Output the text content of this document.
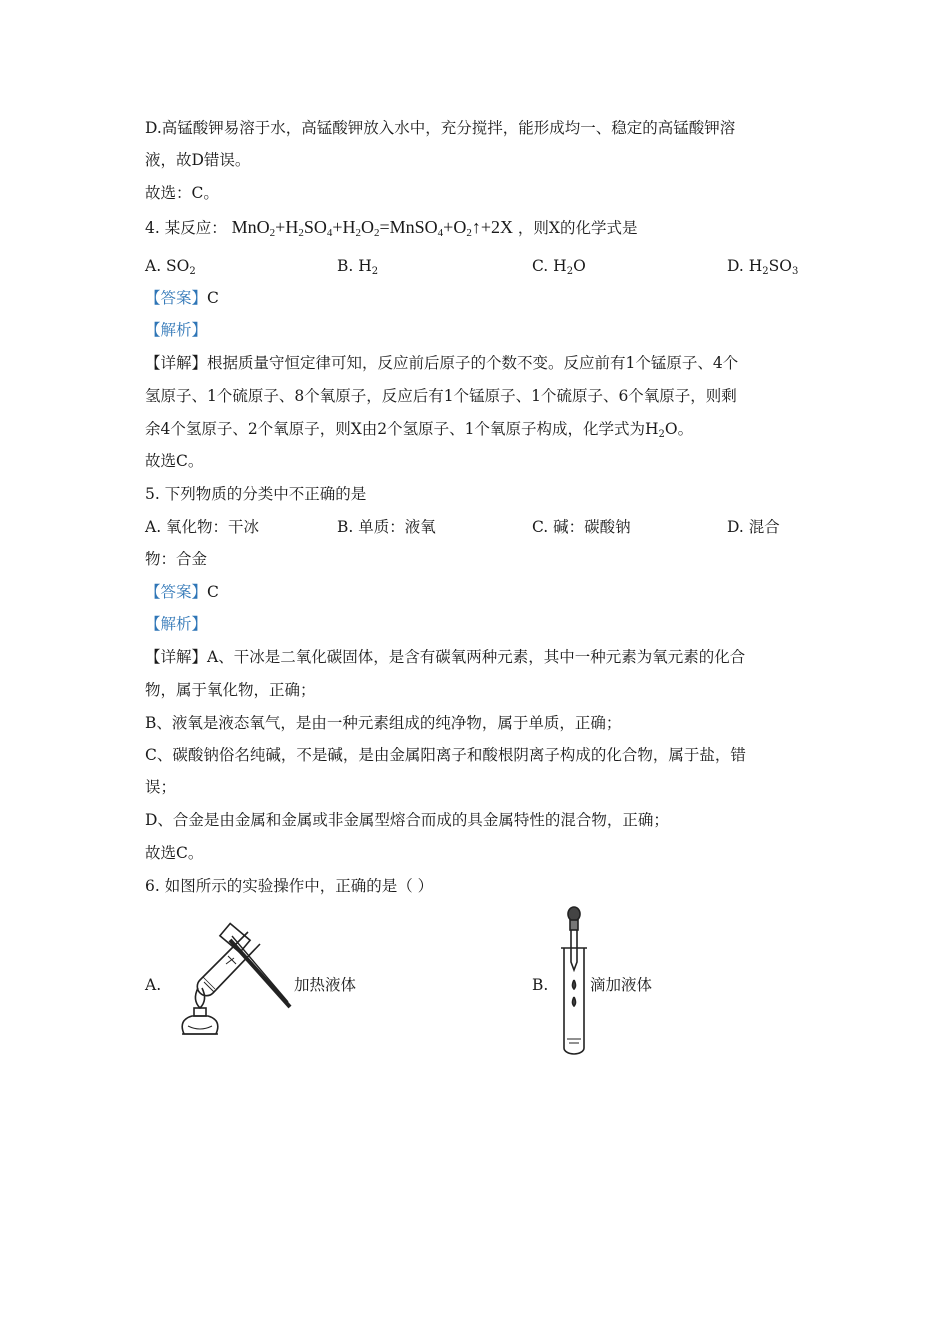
D.高锰酸钾易溶于水，高锰酸钾放入水中，充分搅拌，能形成均一、稳定的高锰酸钾溶
液，故D错误。
故选：C。
4. 某反应： $MnO_2+H_2SO_4+H_2O_2=MnSO_4+O_2↑+2X$ ，则X的化学式是
A. $SO_2$	B. $H_2$	C. $H_2O$	D. $H_2SO_3$
【答案】C
【解析】
【详解】根据质量守恒定律可知，反应前后原子的个数不变。反应前有1个锰原子、4个
氢原子、1个硫原子、8个氧原子，反应后有1个锰原子、1个硫原子、6个氧原子，则剩
余4个氢原子、2个氧原子，则X由2个氢原子、1个氧原子构成，化学式为$H_2O$。
故选C。
5. 下列物质的分类中不正确的是
A. 氧化物：干冰	B. 单质：液氧	C. 碱：碳酸钠	D. 混合
物：合金
【答案】C
【解析】
【详解】A、干冰是二氧化碳固体，是含有碳氧两种元素，其中一种元素为氧元素的化合
物，属于氧化物，正确；
B、液氧是液态氧气，是由一种元素组成的纯净物，属于单质，正确；
C、碳酸钠俗名纯碱，不是碱，是由金属阳离子和酸根阴离子构成的化合物，属于盐，错
误；
D、合金是由金属和金属或非金属型熔合而成的具金属特性的混合物，正确；
故选C。
6. 如图所示的实验操作中，正确的是（ ）
A.	加热液体	B.	滴加液体
